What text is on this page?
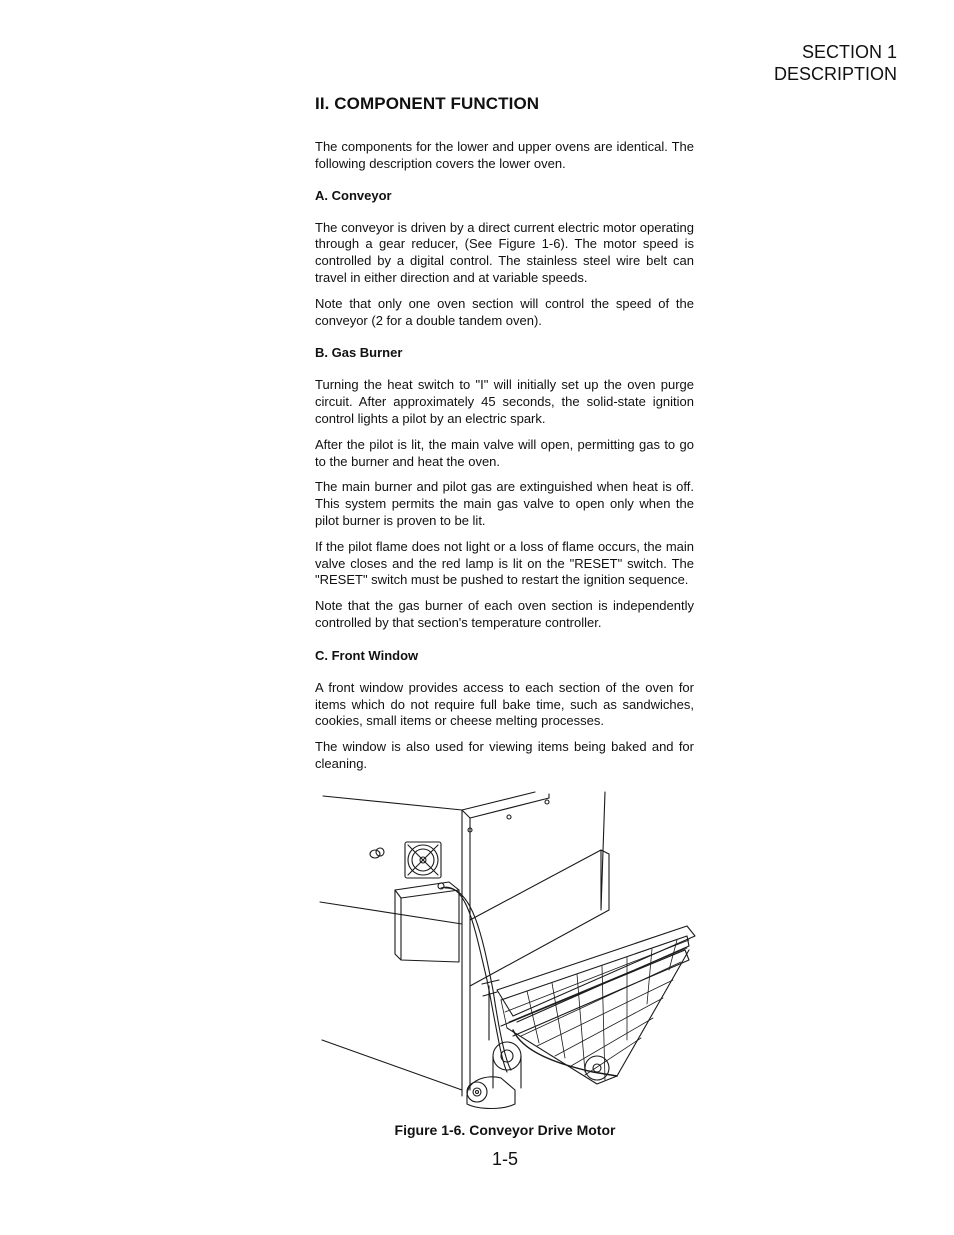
SECTION 1
DESCRIPTION
II. COMPONENT FUNCTION

The components for the lower and upper ovens are identical. The following description covers the lower oven.

A. Conveyor

The conveyor is driven by a direct current electric motor operating through a gear reducer, (See Figure 1-6). The motor speed is controlled by a digital control. The stainless steel wire belt can travel in either direction and at variable speeds.

Note that only one oven section will control the speed of the conveyor (2 for a double tandem oven).

B. Gas Burner

Turning the heat switch to "I" will initially set up the oven purge circuit. After approximately 45 seconds, the solid-state ignition control lights a pilot by an electric spark.

After the pilot is lit, the main valve will open, permitting gas to go to the burner and heat the oven.

The main burner and pilot gas are extinguished when heat is off. This system permits the main gas valve to open only when the pilot burner is proven to be lit.

If the pilot flame does not light or a loss of flame occurs, the main valve closes and the red lamp is lit on the "RESET" switch. The "RESET" switch must be pushed to restart the ignition sequence.

Note that the gas burner of each oven section is independently controlled by that section's temperature controller.

C. Front Window

A front window provides access to each section of the oven for items which do not require full bake time, such as sandwiches, cookies, small items or cheese melting processes.

The window is also used for viewing items being baked and for cleaning.

Figure 1-6. Conveyor Drive Motor
1-5
